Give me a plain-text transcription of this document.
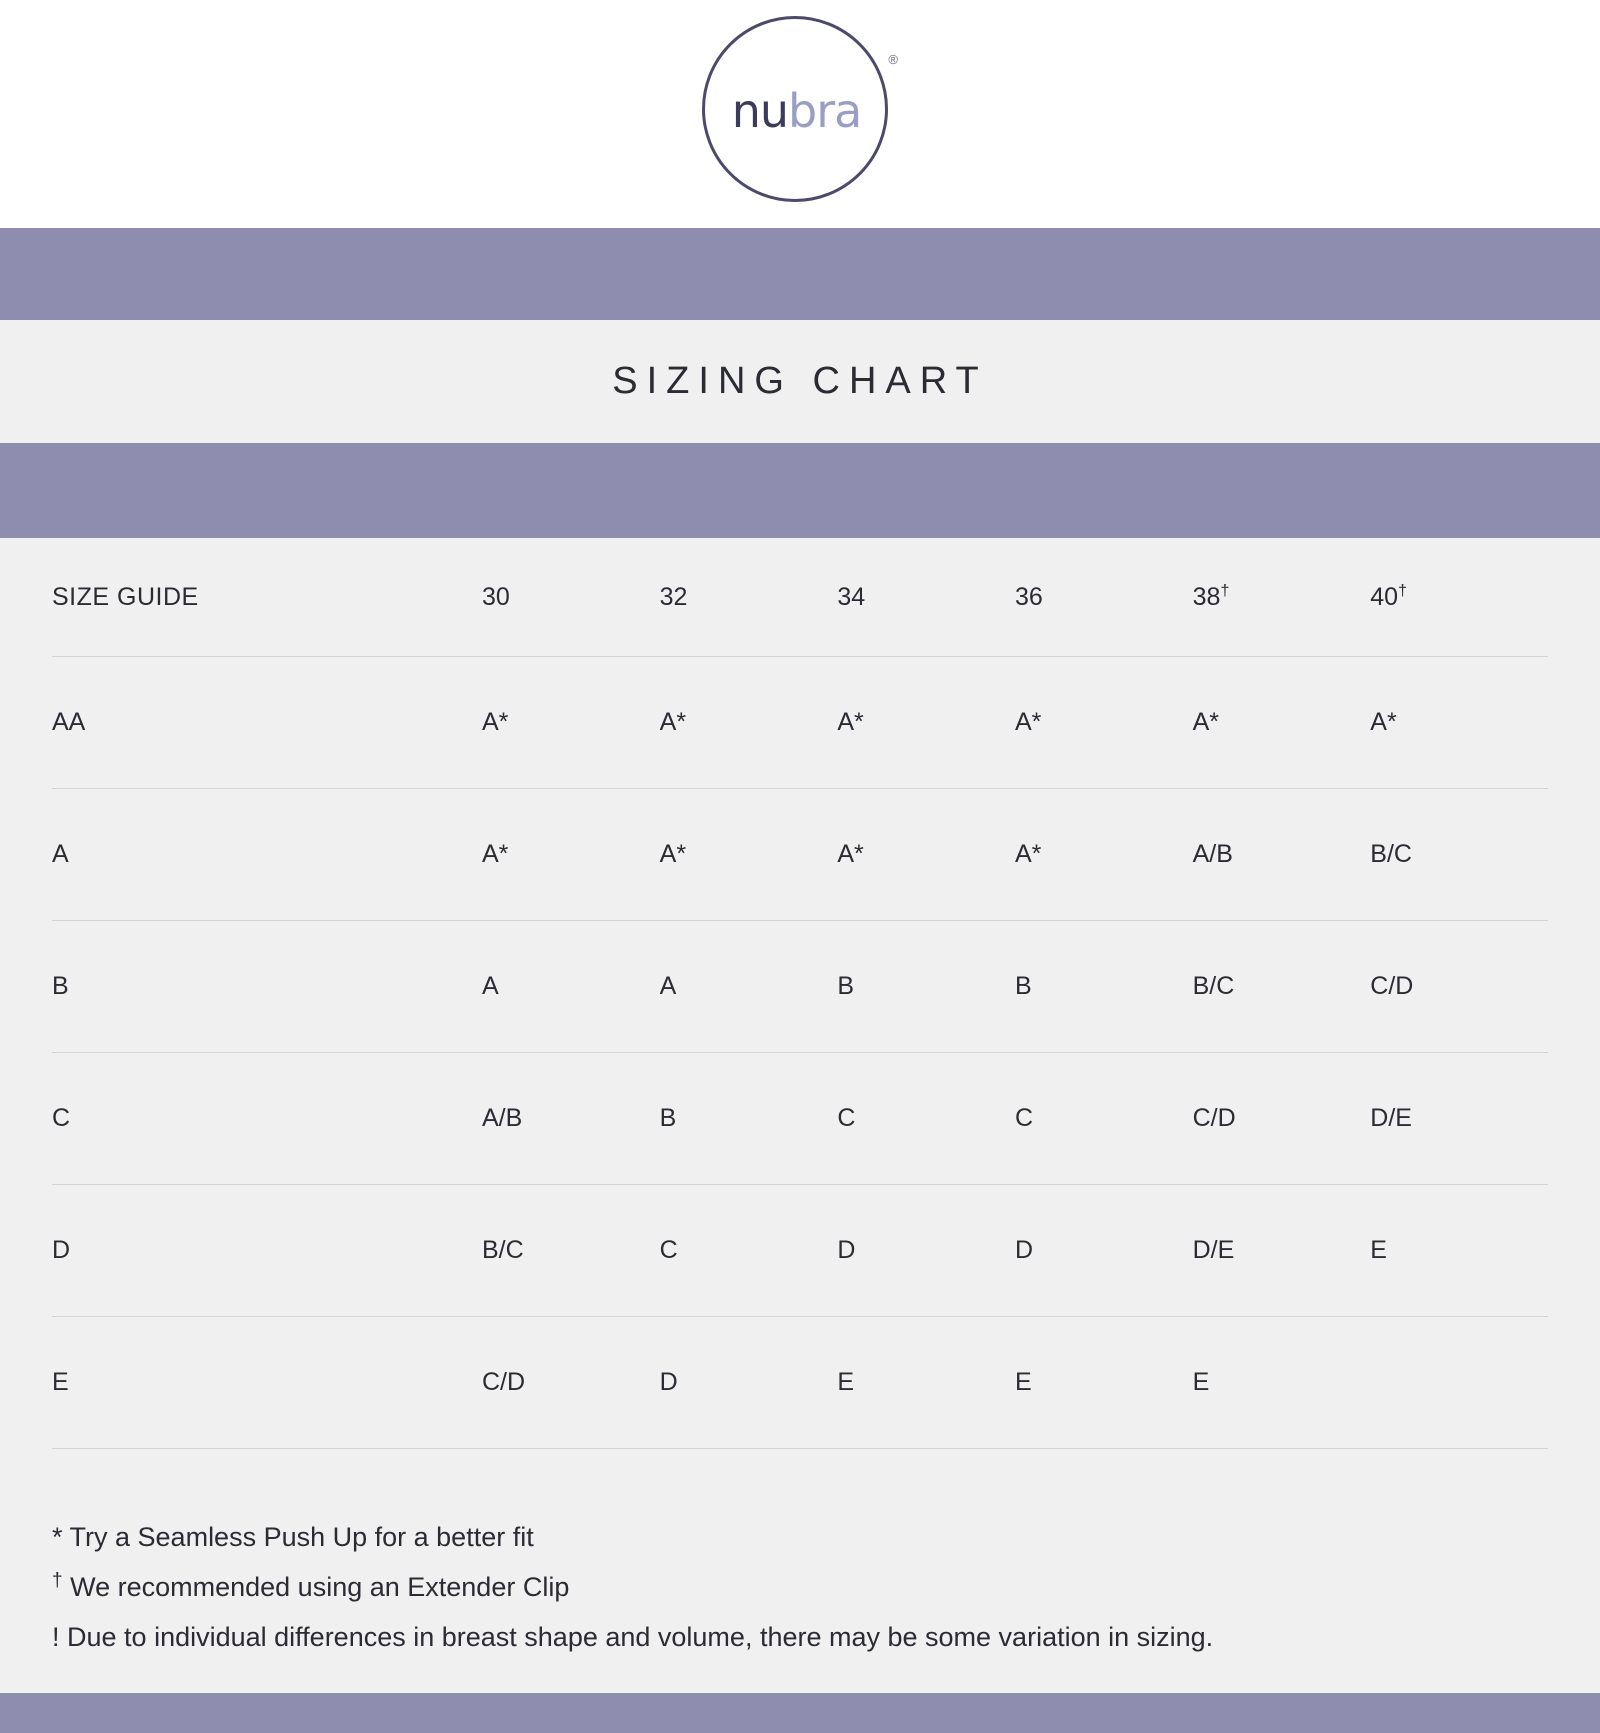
nu bra
®
SIZING CHART
SIZE GUIDE	30	32	34	36	38†	40†
AA	A*	A*	A*	A*	A*	A*
A	A*	A*	A*	A*	A/B	B/C
B	A	A	B	B	B/C	C/D
C	A/B	B	C	C	C/D	D/E
D	B/C	C	D	D	D/E	E
E	C/D	D	E	E	E	
* Try a Seamless Push Up for a better fit
† We recommended using an Extender Clip
! Due to individual differences in breast shape and volume, there may be some variation in sizing.
